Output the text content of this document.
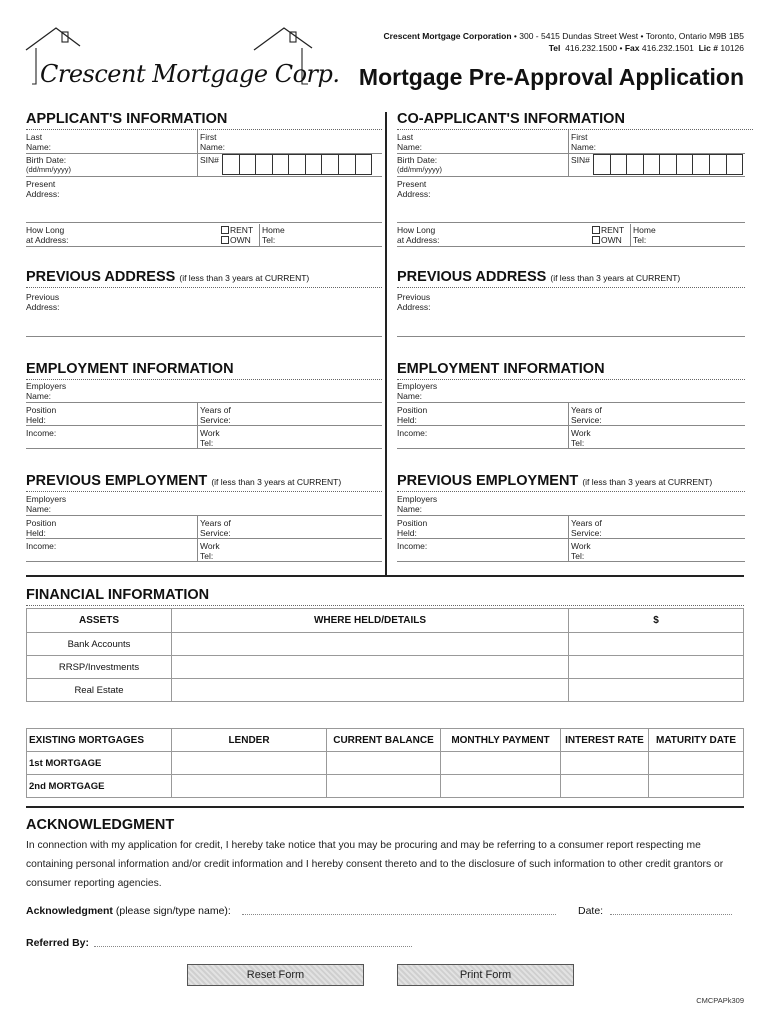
Crescent Mortgage Corp.
Crescent Mortgage Corporation • 300 - 5415 Dundas Street West • Toronto, Ontario M9B 1B5
Tel 416.232.1500 • Fax 416.232.1501 Lic # 10126
Mortgage Pre-Approval Application
APPLICANT'S INFORMATION
Last
Name:
First
Name:
Birth Date:
(dd/mm/yyyy)
SIN#
Present
Address:
How Long
at Address:
RENT
OWN
Home
Tel:
PREVIOUS ADDRESS (if less than 3 years at CURRENT)
Previous
Address:
EMPLOYMENT INFORMATION
Employers
Name:
Position
Held:
Years of
Service:
Income:	Work
Tel:
PREVIOUS EMPLOYMENT (if less than 3 years at CURRENT)
Employers
Name:
Position
Held:
Years of
Service:
Income:	Work
Tel:
CO-APPLICANT'S INFORMATION
Last
Name:
First
Name:
Birth Date:
(dd/mm/yyyy)
SIN#
Present
Address:
How Long
at Address:
RENT
OWN
Home
Tel:
PREVIOUS ADDRESS (if less than 3 years at CURRENT)
Previous
Address:
EMPLOYMENT INFORMATION
Employers
Name:
Position
Held:
Years of
Service:
Income:	Work
Tel:
PREVIOUS EMPLOYMENT (if less than 3 years at CURRENT)
Employers
Name:
Position
Held:
Years of
Service:
Income:	Work
Tel:
FINANCIAL INFORMATION
ASSETS	WHERE HELD/DETAILS	$
Bank Accounts		
RRSP/Investments		
Real Estate		
EXISTING MORTGAGES	LENDER	CURRENT BALANCE	MONTHLY PAYMENT	INTEREST RATE	MATURITY DATE
1st MORTGAGE					
2nd MORTGAGE					
ACKNOWLEDGMENT
In connection with my application for credit, I hereby take notice that you may be procuring and may be referring to a consumer report respecting me containing personal information and/or credit information and I hereby consent thereto and to the disclosure of such information to other credit grantors or consumer reporting agencies.
Acknowledgment (please sign/type name):	Date:
Referred By:
Reset Form	Print Form
CMCPAPk309
